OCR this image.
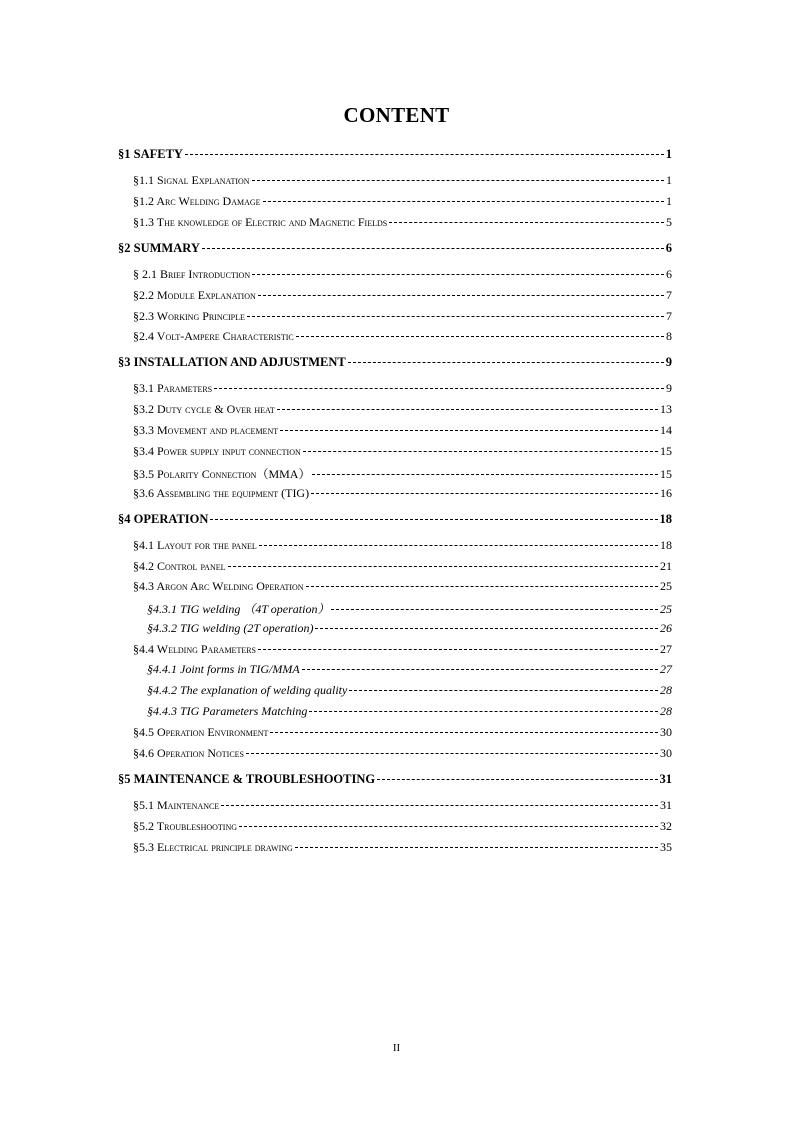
CONTENT
§1 SAFETY	1
§1.1 Signal Explanation	1
§1.2 Arc Welding Damage	1
§1.3 The knowledge of Electric and Magnetic Fields	5
§2 SUMMARY	6
§ 2.1 Brief Introduction	6
§2.2 Module Explanation	7
§2.3 Working Principle	7
§2.4 Volt-Ampere Characteristic	8
§3 INSTALLATION AND ADJUSTMENT	9
§3.1 Parameters	9
§3.2 Duty cycle & Over heat	13
§3.3 Movement and placement	14
§3.4 Power supply input connection	15
§3.5 Polarity Connection（MMA）	15
§3.6 Assembling the equipment (TIG)	16
§4 OPERATION	18
§4.1 Layout for the panel	18
§4.2 Control panel	21
§4.3 Argon Arc Welding Operation	25
§4.3.1 TIG welding （4T operation）	25
§4.3.2 TIG welding (2T operation)	26
§4.4 Welding Parameters	27
§4.4.1 Joint forms in TIG/MMA	27
§4.4.2 The explanation of welding quality	28
§4.4.3 TIG Parameters Matching	28
§4.5 Operation Environment	30
§4.6 Operation Notices	30
§5 MAINTENANCE & TROUBLESHOOTING	31
§5.1 Maintenance	31
§5.2 Troubleshooting	32
§5.3 Electrical principle drawing	35
II
